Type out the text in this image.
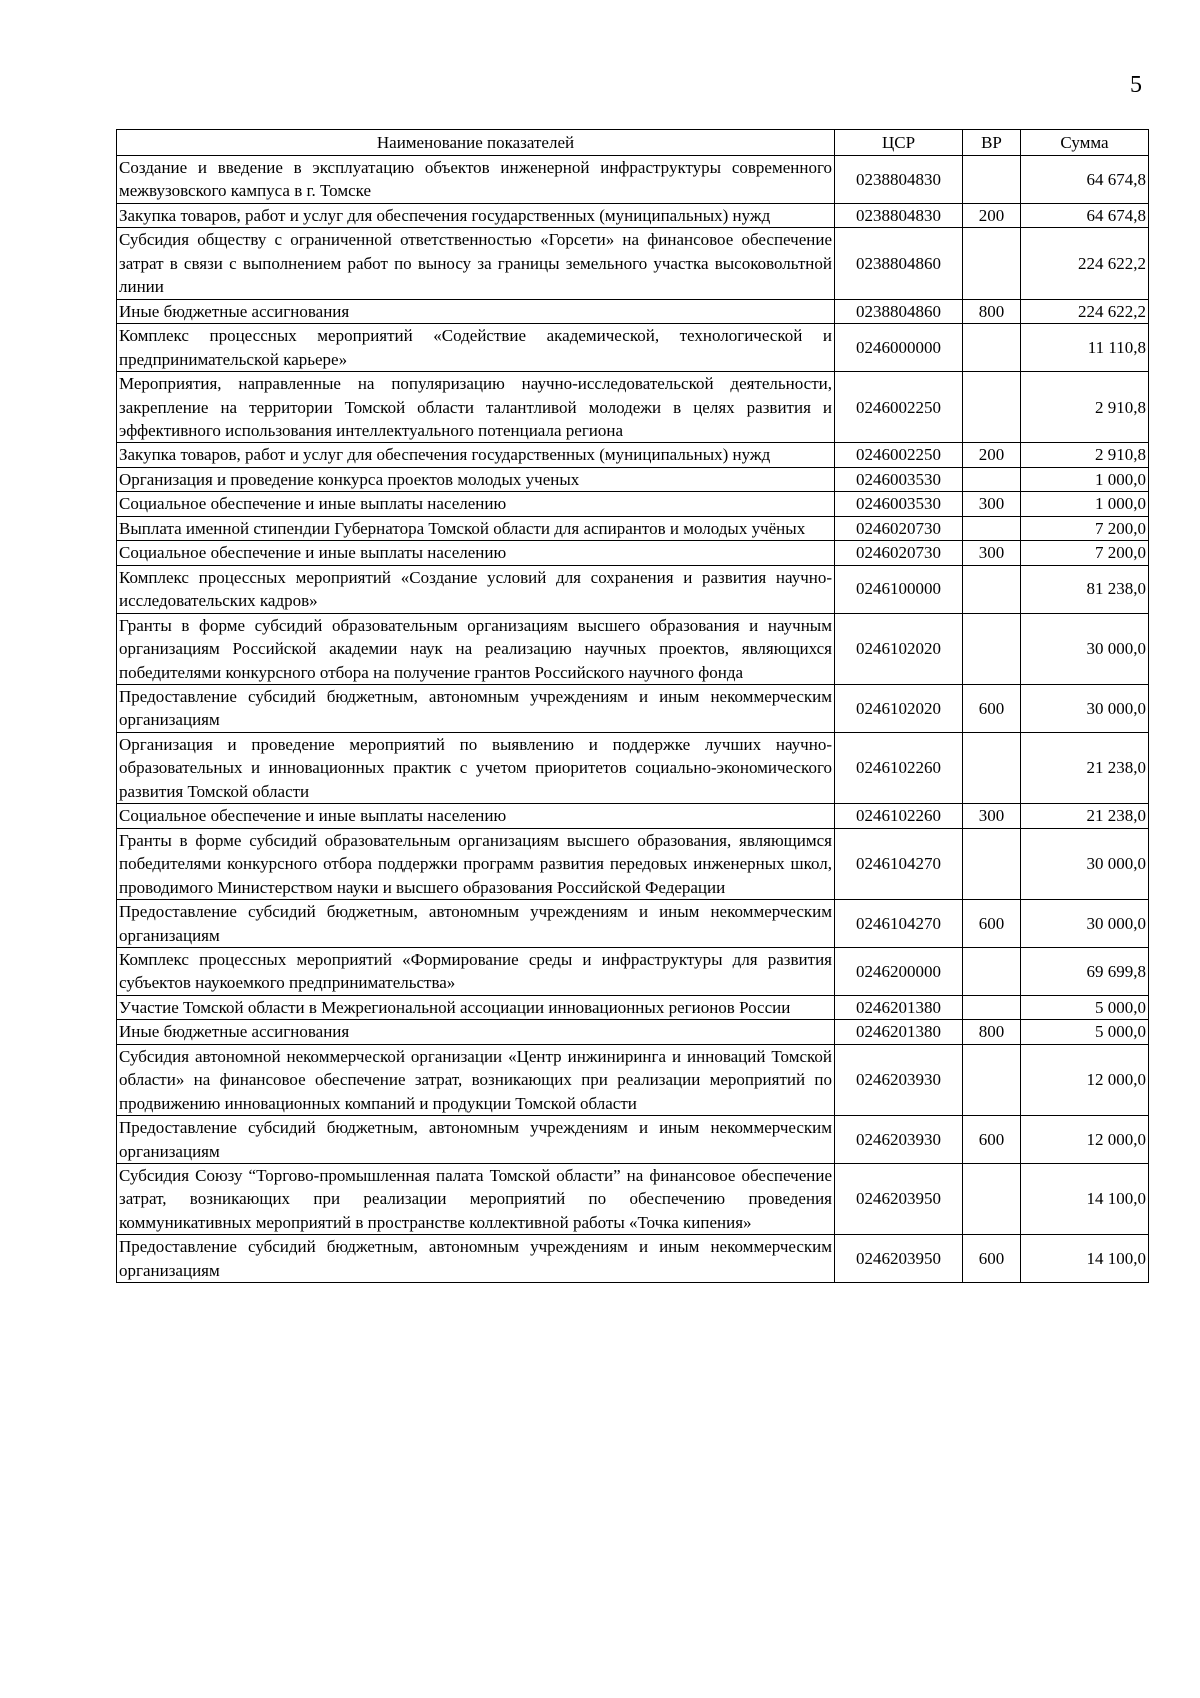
5
Наименование показателей	ЦСР	ВР	Сумма
Создание и введение в эксплуатацию объектов инженерной инфраструктуры современного межвузовского кампуса в г. Томске	0238804830		64 674,8
Закупка товаров, работ и услуг для обеспечения государственных (муниципальных) нужд	0238804830	200	64 674,8
Субсидия обществу с ограниченной ответственностью «Горсети» на финансовое обеспечение затрат в связи с выполнением работ по выносу за границы земельного участка высоковольтной линии	0238804860		224 622,2
Иные бюджетные ассигнования	0238804860	800	224 622,2
Комплекс процессных мероприятий «Содействие академической, технологической и предпринимательской карьере»	0246000000		11 110,8
Мероприятия, направленные на популяризацию научно-исследовательской деятельности, закрепление на территории Томской области талантливой молодежи в целях развития и эффективного использования интеллектуального потенциала региона	0246002250		2 910,8
Закупка товаров, работ и услуг для обеспечения государственных (муниципальных) нужд	0246002250	200	2 910,8
Организация и проведение конкурса проектов молодых ученых	0246003530		1 000,0
Социальное обеспечение и иные выплаты населению	0246003530	300	1 000,0
Выплата именной стипендии Губернатора Томской области для аспирантов и молодых учёных	0246020730		7 200,0
Социальное обеспечение и иные выплаты населению	0246020730	300	7 200,0
Комплекс процессных мероприятий «Создание условий для сохранения и развития научно-исследовательских кадров»	0246100000		81 238,0
Гранты в форме субсидий образовательным организациям высшего образования и научным организациям Российской академии наук на реализацию научных проектов, являющихся победителями конкурсного отбора на получение грантов Российского научного фонда	0246102020		30 000,0
Предоставление субсидий бюджетным, автономным учреждениям и иным некоммерческим организациям	0246102020	600	30 000,0
Организация и проведение мероприятий по выявлению и поддержке лучших научно-образовательных и инновационных практик с учетом приоритетов социально-экономического развития Томской области	0246102260		21 238,0
Социальное обеспечение и иные выплаты населению	0246102260	300	21 238,0
Гранты в форме субсидий образовательным организациям высшего образования, являющимся победителями конкурсного отбора поддержки программ развития передовых инженерных школ, проводимого Министерством науки и высшего образования Российской Федерации	0246104270		30 000,0
Предоставление субсидий бюджетным, автономным учреждениям и иным некоммерческим организациям	0246104270	600	30 000,0
Комплекс процессных мероприятий «Формирование среды и инфраструктуры для развития субъектов наукоемкого предпринимательства»	0246200000		69 699,8
Участие Томской области в Межрегиональной ассоциации инновационных регионов России	0246201380		5 000,0
Иные бюджетные ассигнования	0246201380	800	5 000,0
Субсидия автономной некоммерческой организации «Центр инжиниринга и инноваций Томской области» на финансовое обеспечение затрат, возникающих при реализации мероприятий по продвижению инновационных компаний и продукции Томской области	0246203930		12 000,0
Предоставление субсидий бюджетным, автономным учреждениям и иным некоммерческим организациям	0246203930	600	12 000,0
Субсидия Союзу “Торгово-промышленная палата Томской области” на финансовое обеспечение затрат, возникающих при реализации мероприятий по обеспечению проведения коммуникативных мероприятий в пространстве коллективной работы «Точка кипения»	0246203950		14 100,0
Предоставление субсидий бюджетным, автономным учреждениям и иным некоммерческим организациям	0246203950	600	14 100,0
